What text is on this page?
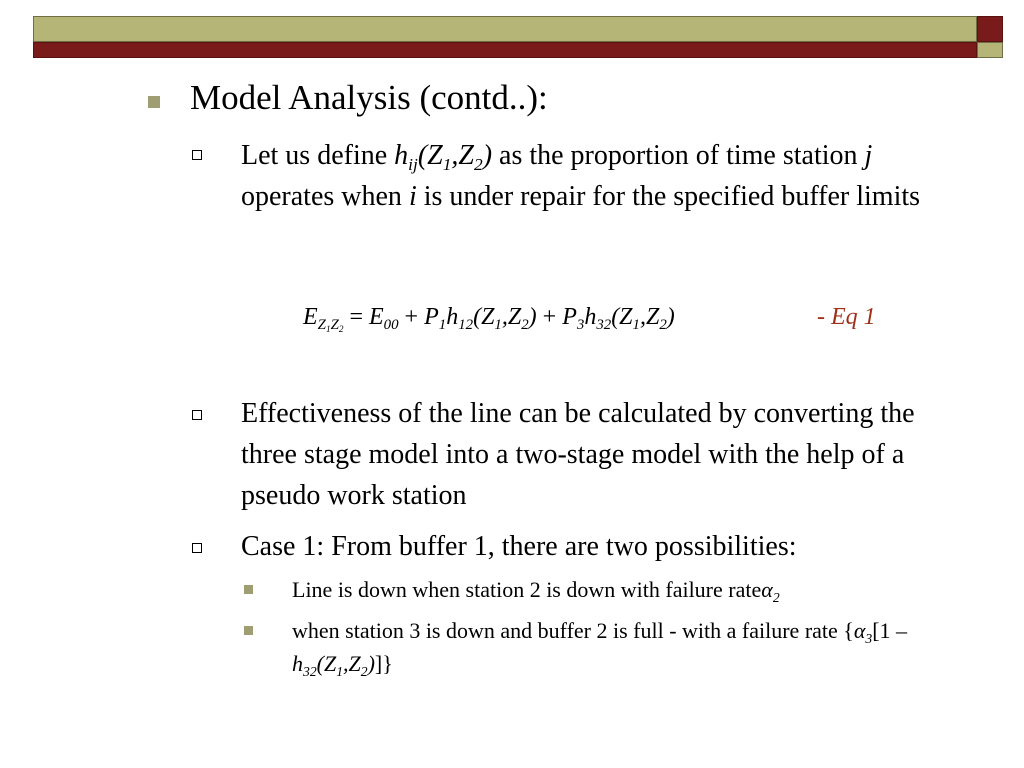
Model Analysis (contd..):
Let us define $h_{ij}(Z_1,Z_2)$ as the proportion of time station j operates when i is under repair for the specified buffer limits
$E_{Z_1Z_2} = E_{00} + P_1h_{12}(Z_1,Z_2) + P_3h_{32}(Z_1,Z_2)$	- Eq 1
Effectiveness of the line can be calculated by converting the three stage model into a two-stage model with the help of a pseudo work station
Case 1: From buffer 1, there are two possibilities:
Line is down when station 2 is down with failure rateα$_2$
when station 3 is down and buffer 2 is full - with a failure rate $\{\alpha_3[1 - h_{32}(Z_1,Z_2)]\}$
